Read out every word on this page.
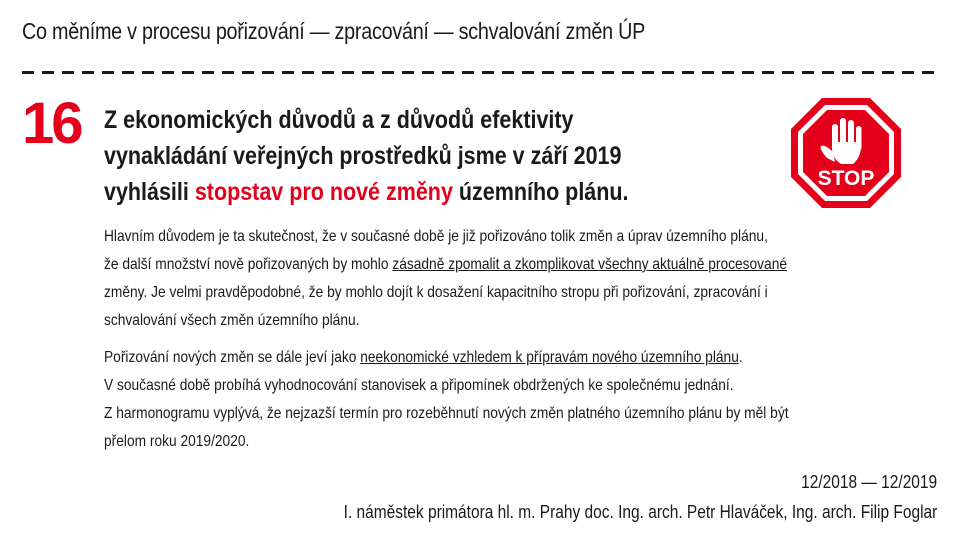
Co měníme v procesu pořizování — zpracování — schvalování změn ÚP
16 Z ekonomických důvodů a z důvodů efektivity
vynakládání veřejných prostředků jsme v září 2019
vyhlásili stopstav pro nové změny územního plánu.	STOP
Hlavním důvodem je ta skutečnost, že v současné době je již pořizováno tolik změn a úprav územního plánu,
že další množství nově pořizovaných by mohlo zásadně zpomalit a zkomplikovat všechny aktuálně procesované
změny. Je velmi pravděpodobné, že by mohlo dojít k dosažení kapacitního stropu při pořizování, zpracování i
schvalování všech změn územního plánu.
Pořizování nových změn se dále jeví jako neekonomické vzhledem k přípravám nového územního plánu.
V současné době probíhá vyhodnocování stanovisek a připomínek obdržených ke společnému jednání.
Z harmonogramu vyplývá, že nejzazší termín pro rozeběhnutí nových změn platného územního plánu by měl být
přelom roku 2019/2020.
12/2018 — 12/2019
I. náměstek primátora hl. m. Prahy doc. Ing. arch. Petr Hlaváček, Ing. arch. Filip Foglar
